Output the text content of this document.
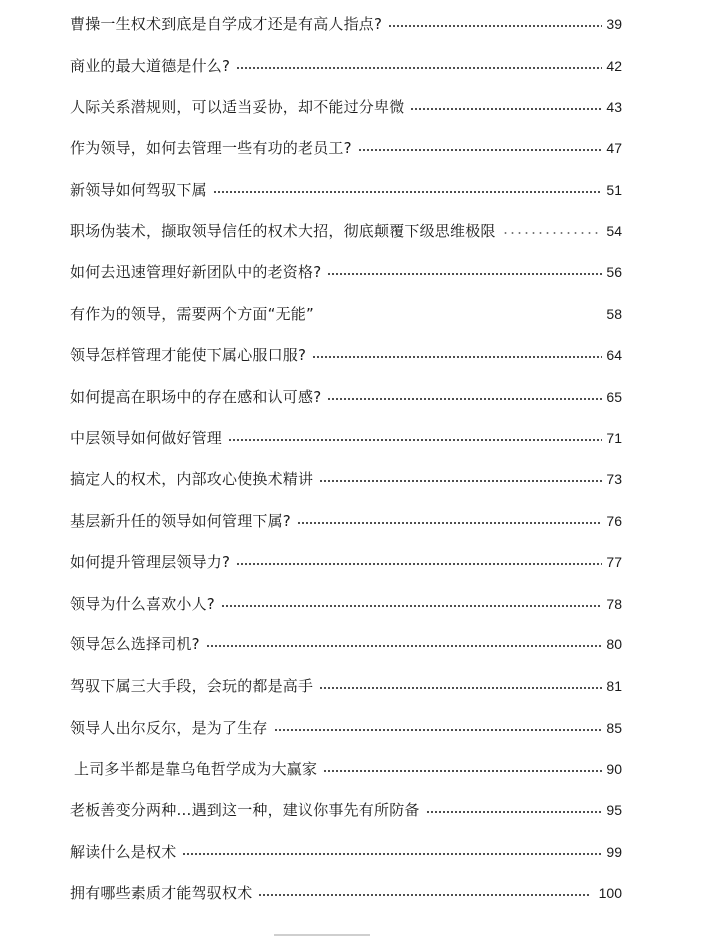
曹操一生权术到底是自学成才还是有高人指点?	39
商业的最大道德是什么?	42
人际关系潜规则，可以适当妥协，却不能过分卑微	43
作为领导，如何去管理一些有功的老员工?	47
新领导如何驾驭下属	51
职场伪装术，撷取领导信任的权术大招，彻底颠覆下级思维极限	54
如何去迅速管理好新团队中的老资格?	56
有作为的领导，需要两个方面“无能”	58
领导怎样管理才能使下属心服口服?	64
如何提高在职场中的存在感和认可感?	65
中层领导如何做好管理	71
搞定人的权术，内部攻心使换术精讲	73
基层新升任的领导如何管理下属?	76
如何提升管理层领导力?	77
领导为什么喜欢小人?	78
领导怎么选择司机?	80
驾驭下属三大手段，会玩的都是高手	81
领导人出尔反尔，是为了生存	85
上司多半都是靠乌龟哲学成为大赢家	90
老板善变分两种…遇到这一种，建议你事先有所防备	95
解读什么是权术	99
拥有哪些素质才能驾驭权术	100
